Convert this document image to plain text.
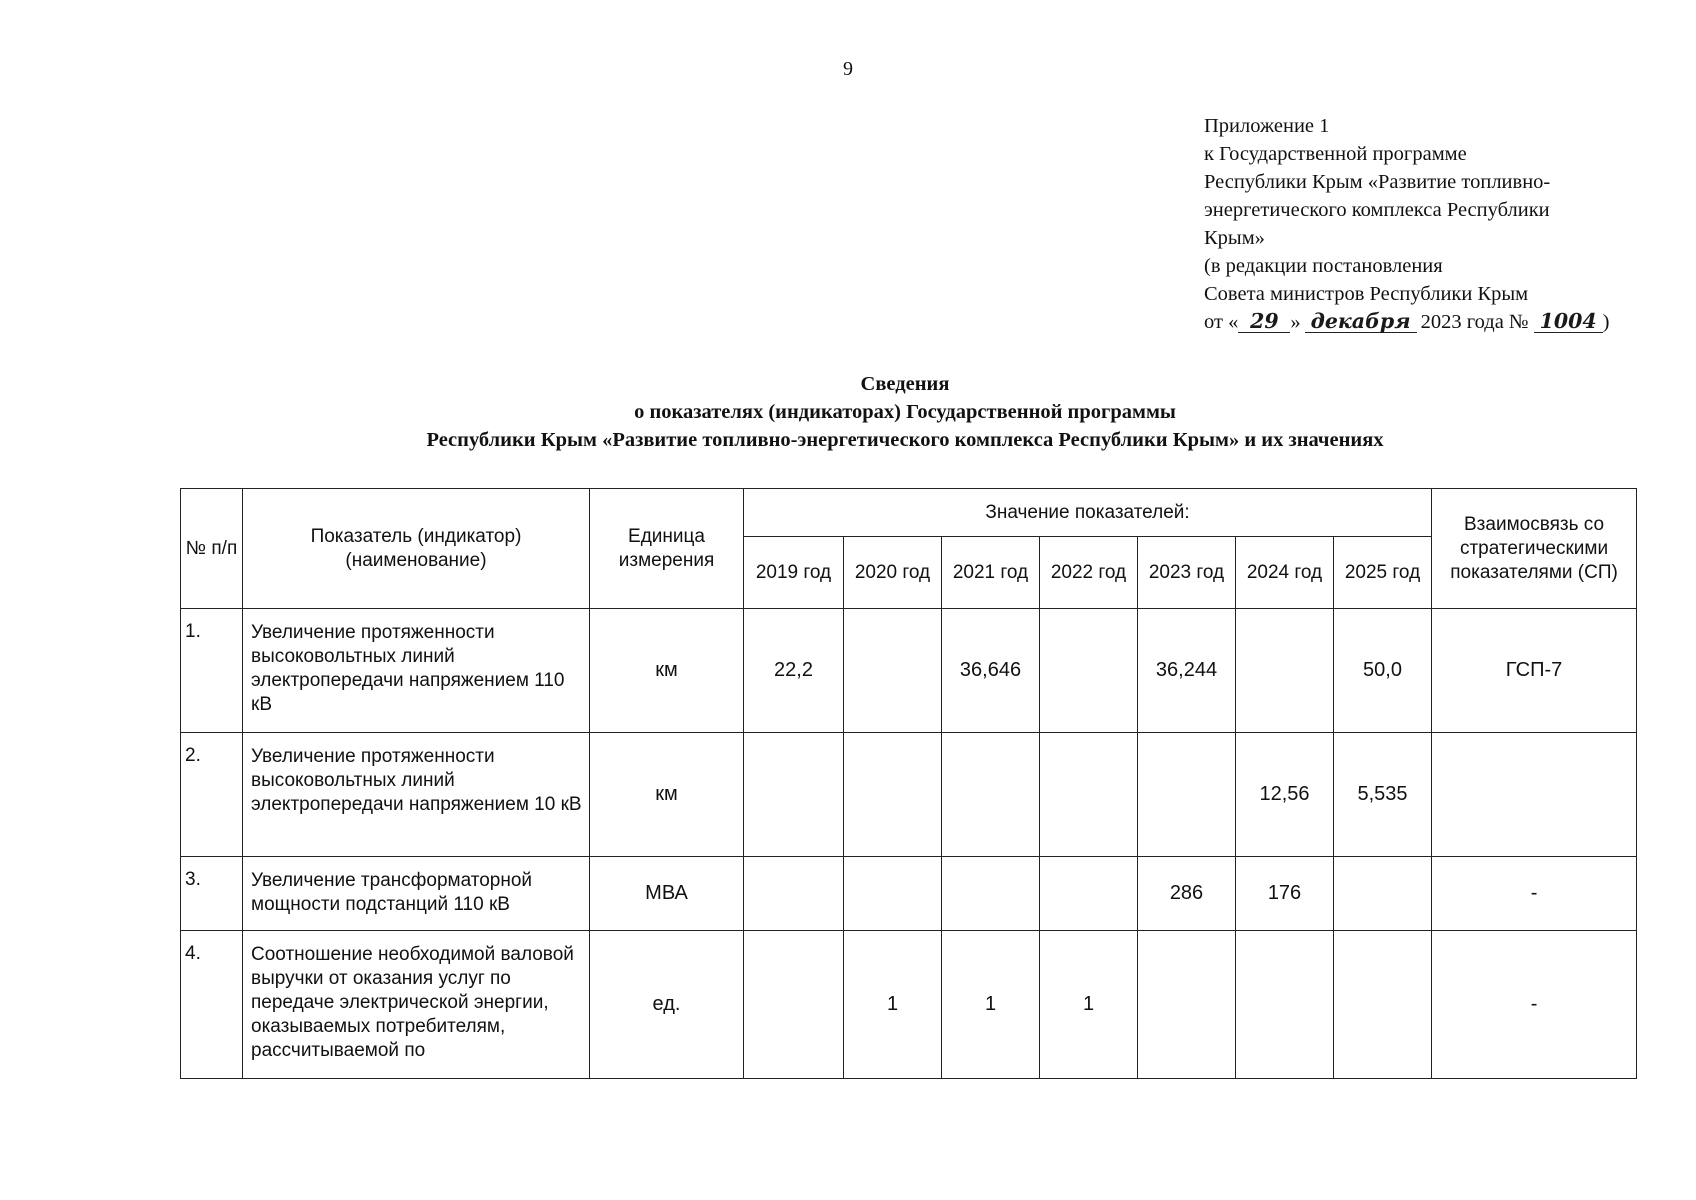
9
Приложение 1
к Государственной программе
Республики Крым «Развитие топливно-
энергетического комплекса Республики
Крым»
(в редакции постановления
Совета министров Республики Крым
от « 29 » декабря 2023 года № 1004 )
Сведения
о показателях (индикаторах) Государственной программы
Республики Крым «Развитие топливно-энергетического комплекса Республики Крым» и их значениях
№ п/п	Показатель (индикатор) (наименование)	Единица измерения	Значение показателей:							Взаимосвязь со стратегическими показателями (СП)
			2019 год	2020 год	2021 год	2022 год	2023 год	2024 год	2025 год	
1.	Увеличение протяженности высоковольтных линий электропередачи напряжением 110 кВ	км	22,2		36,646		36,244		50,0	ГСП-7
2.	Увеличение протяженности высоковольтных линий электропередачи напряжением 10 кВ	км						12,56	5,535	
3.	Увеличение трансформаторной мощности подстанций 110 кВ	МВА					286	176		-
4.	Соотношение необходимой валовой выручки от оказания услуг по передаче электрической энергии, оказываемых потребителям, рассчитываемой по	ед.		1	1	1				-
